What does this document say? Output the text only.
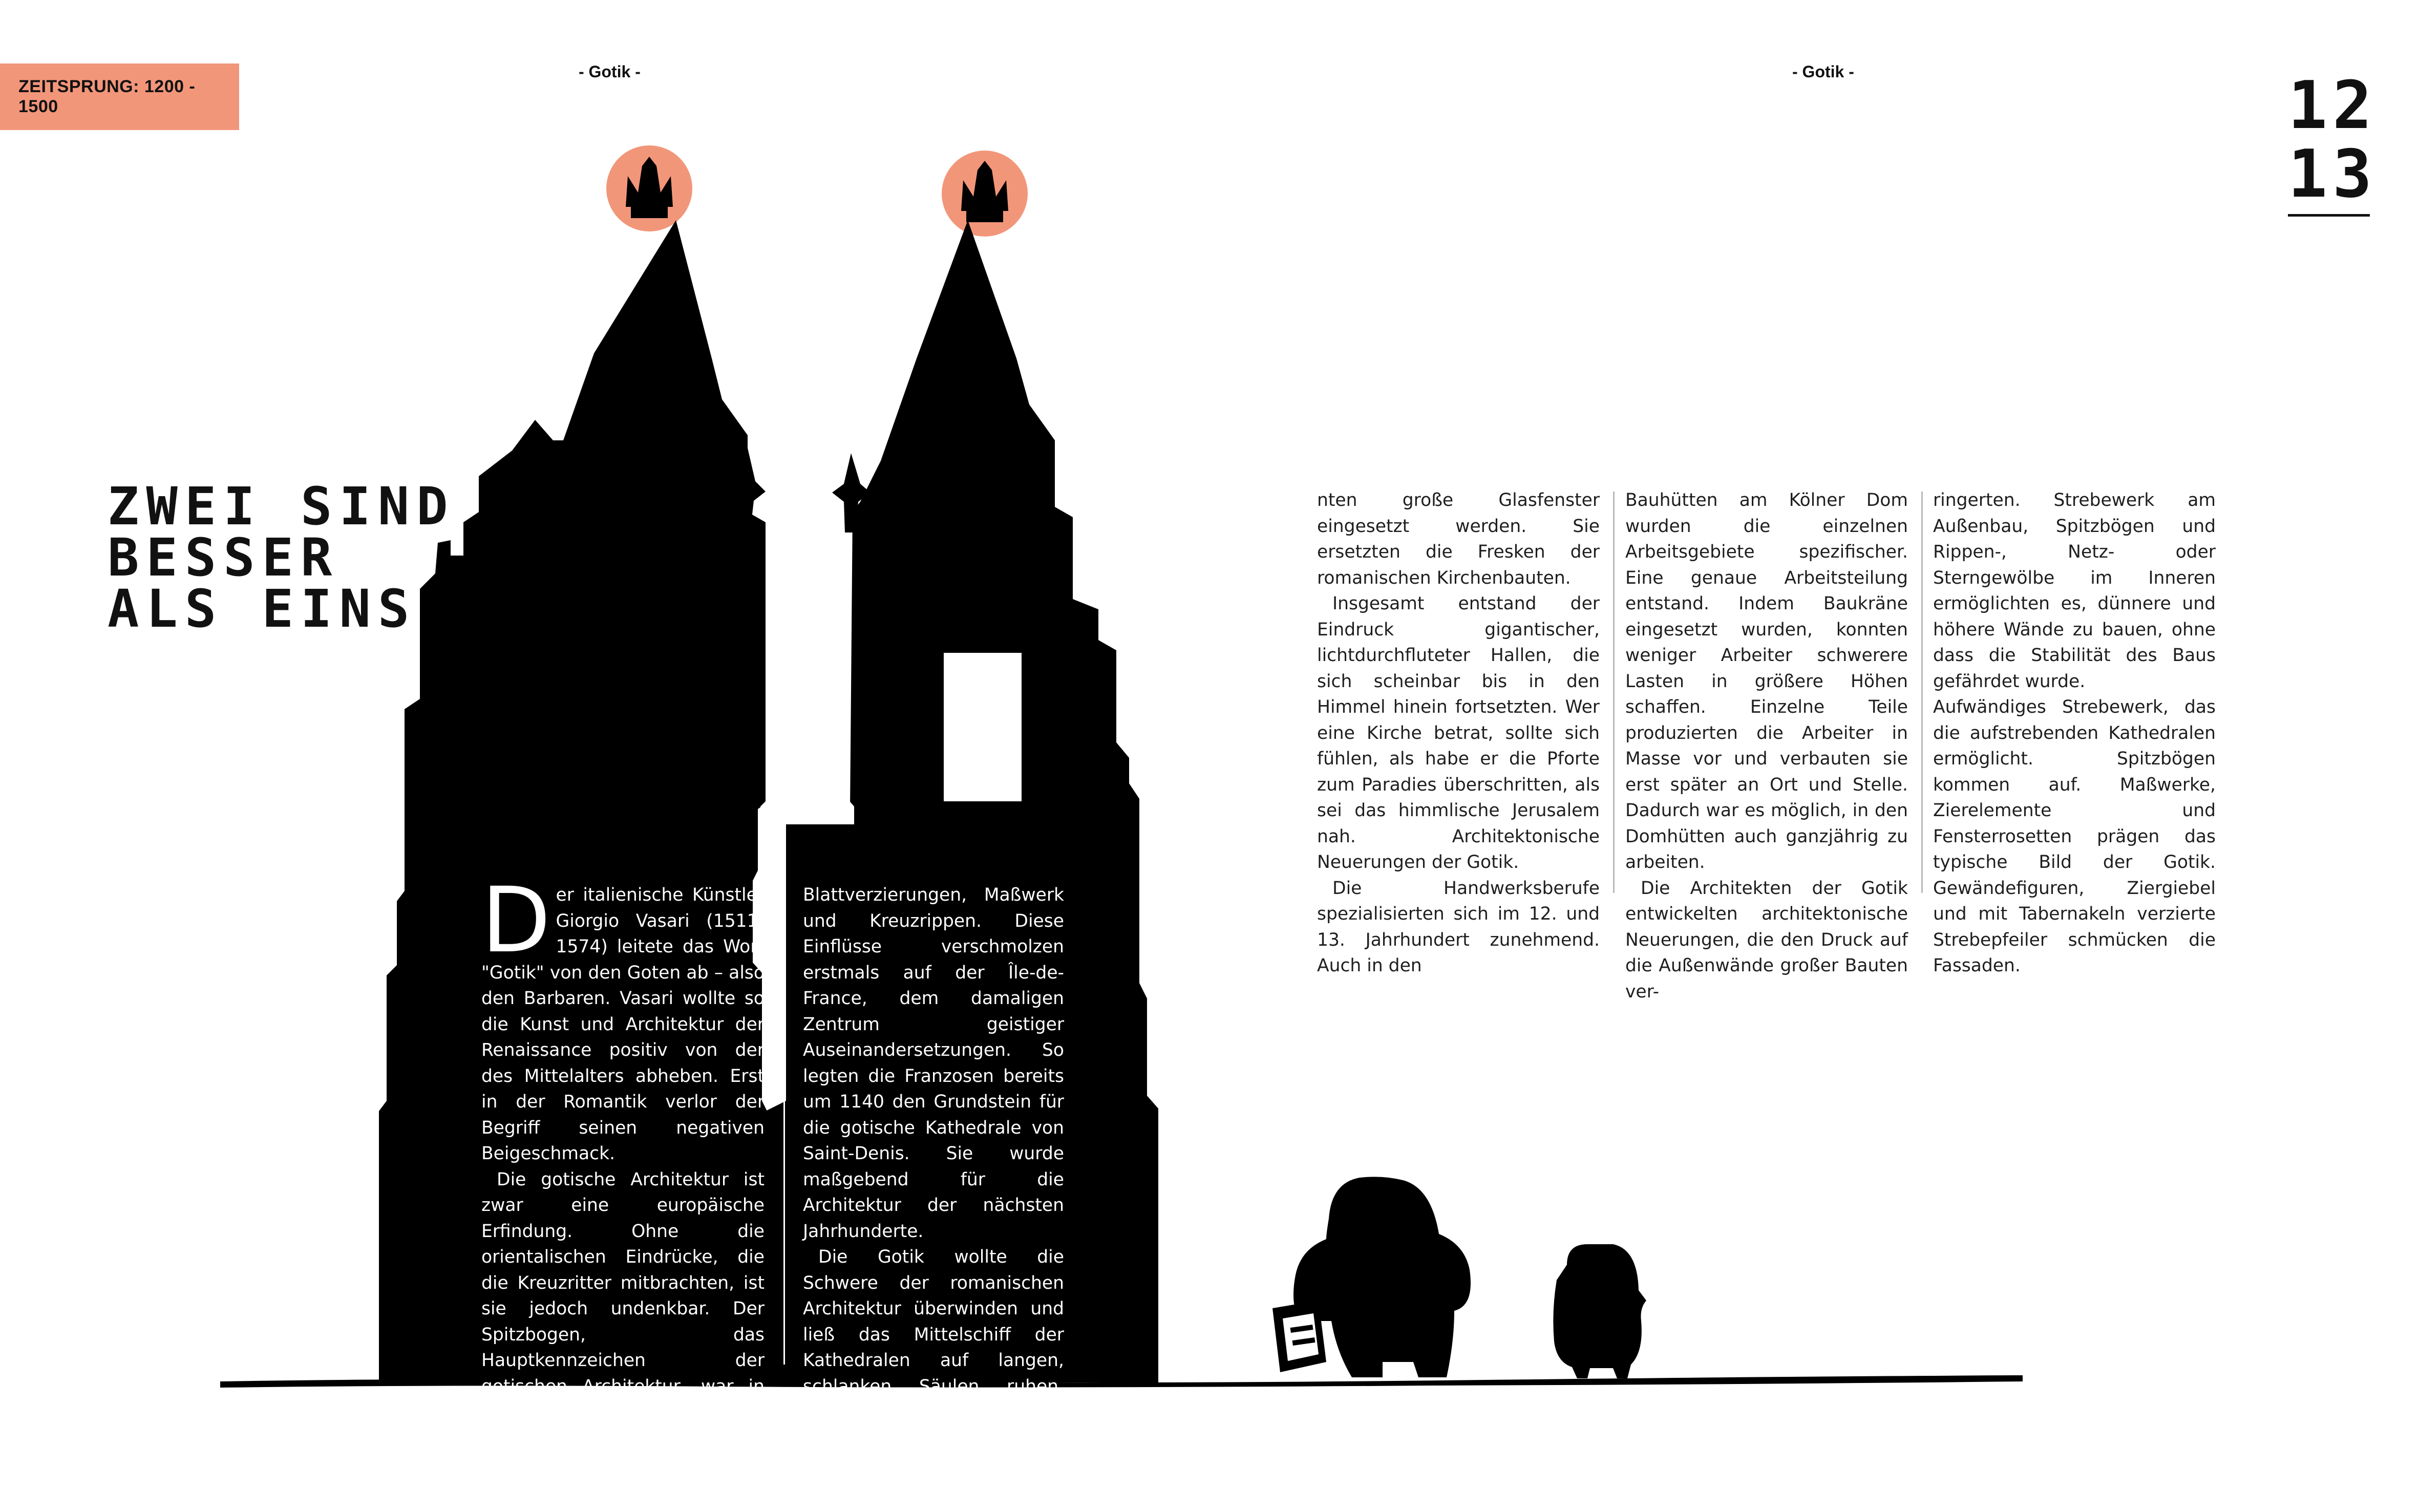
ZEITSPRUNG: 1200 - 1500
- Gotik -	- Gotik -	12
13
ZWEI SIND
BESSER
ALS EINS

Der italienische Künstler Giorgio Vasari (1511-1574) leitete das Wort "Gotik" von den Goten ab – also den Barbaren. Vasari wollte so die Kunst und Architektur der Renaissance positiv von der des Mittelalters abheben. Erst in der Romantik verlor der Begriff seinen negativen Beigeschmack.

Die gotische Architektur ist zwar eine europäische Erfindung. Ohne die orientalischen Eindrücke, die die Kreuzritter mitbrachten, ist sie jedoch undenkbar. Der Spitzbogen, das Hauptkennzeichen der gotischen Architektur, war in Persien und Ägypten schon seit Jahrhunderten bekannt, ebenso

Blattverzierungen, Maßwerk und Kreuzrippen. Diese Einflüsse verschmolzen erstmals auf der Île-de-France, dem damaligen Zentrum geistiger Auseinandersetzungen. So legten die Franzosen bereits um 1140 den Grundstein für die gotische Kathedrale von Saint-Denis. Sie wurde maßgebend für die Architektur der nächsten Jahrhunderte.

Die Gotik wollte die Schwere der romanischen Architektur überwinden und ließ das Mittelschiff der Kathedralen auf langen, schlanken Säulen ruhen. Strebepfeiler stabilisierten die Außenmauern, erstmals kon

nten große Glasfenster eingesetzt werden. Sie ersetzten die Fresken der romanischen Kirchenbauten.

Insgesamt entstand der Eindruck gigantischer, lichtdurchfluteter Hallen, die sich scheinbar bis in den Himmel hinein fortsetzten. Wer eine Kirche betrat, sollte sich fühlen, als habe er die Pforte zum Paradies überschritten, als sei das himmlische Jerusalem nah. Architektonische Neuerungen der Gotik.

Die Handwerksberufe spezialisierten sich im 12. und 13. Jahrhundert zunehmend. Auch in den

Bauhütten am Kölner Dom wurden die einzelnen Arbeitsgebiete spezifischer. Eine genaue Arbeitsteilung entstand. Indem Baukräne eingesetzt wurden, konnten weniger Arbeiter schwerere Lasten in größere Höhen schaffen. Einzelne Teile produzierten die Arbeiter in Masse vor und verbauten sie erst später an Ort und Stelle. Dadurch war es möglich, in den Domhütten auch ganzjährig zu arbeiten.

Die Architekten der Gotik entwickelten architektonische Neuerungen, die den Druck auf die Außenwände großer Bauten ver-

ringerten. Strebewerk am Außenbau, Spitzbögen und Rippen-, Netz- oder Sterngewölbe im Inneren ermöglichten es, dünnere und höhere Wände zu bauen, ohne dass die Stabilität des Baus gefährdet wurde.

Aufwändiges Strebewerk, das die aufstrebenden Kathedralen ermöglicht. Spitzbögen kommen auf. Maßwerke, Zierelemente und Fensterrosetten prägen das typische Bild der Gotik. Gewändefiguren, Ziergiebel und mit Tabernakeln verzierte Strebepfeiler schmücken die Fassaden.
